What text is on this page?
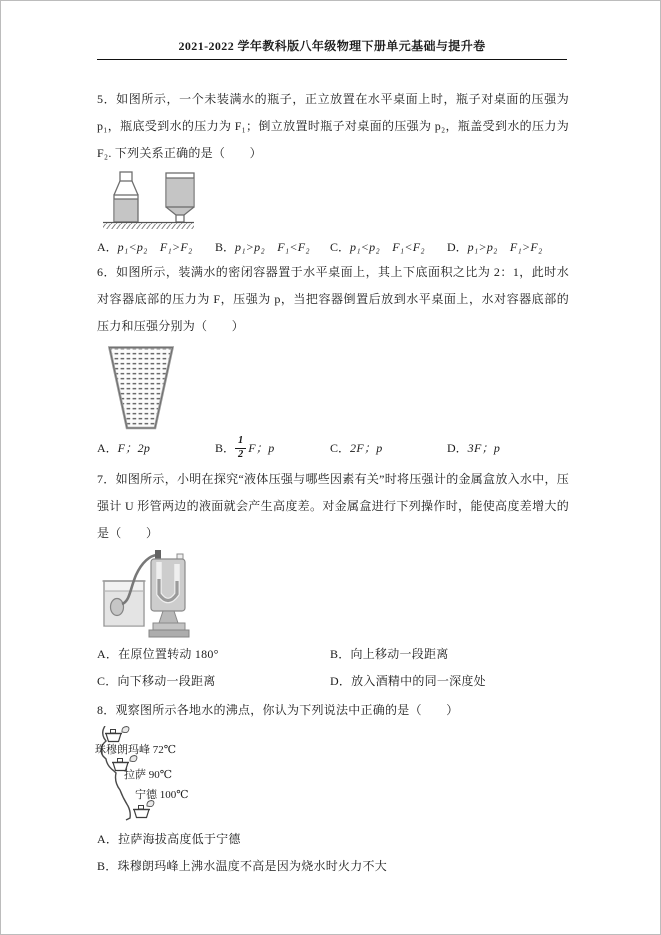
2021-2022 学年教科版八年级物理下册单元基础与提升卷

5．如图所示，一个未装满水的瓶子，正立放置在水平桌面上时，瓶子对桌面的压强为 p₁，瓶底受到水的压力为 F₁；倒立放置时瓶子对桌面的压强为 p₂，瓶盖受到水的压力为 F₂. 下列关系正确的是（　　）

A． p₁<p₂ F₁>F₂ B． p₁>p₂ F₁<F₂ C． p₁<p₂ F₁<F₂ D． p₁>p₂ F₁>F₂

6．如图所示，装满水的密闭容器置于水平桌面上，其上下底面积之比为 2：1，此时水对容器底部的压力为 F，压强为 p，当把容器倒置后放到水平桌面上，水对容器底部的压力和压强分别为（　　）

A． F；2p	B． $\frac{1}{2}$ F；p	C． 2F；p	D． 3F；p

7．如图所示，小明在探究“液体压强与哪些因素有关”时将压强计的金属盒放入水中，压强计 U 形管两边的液面就会产生高度差。对金属盒进行下列操作时，能使高度差增大的是（　　）

A．在原位置转动 180°	B．向上移动一段距离
C．向下移动一段距离	D．放入酒精中的同一深度处

8．观察图所示各地水的沸点，你认为下列说法中正确的是（　　）

珠穆朗玛峰 72℃
拉萨 90℃
宁德 100℃
A．拉萨海拔高度低于宁德
B．珠穆朗玛峰上沸水温度不高是因为烧水时火力不大
